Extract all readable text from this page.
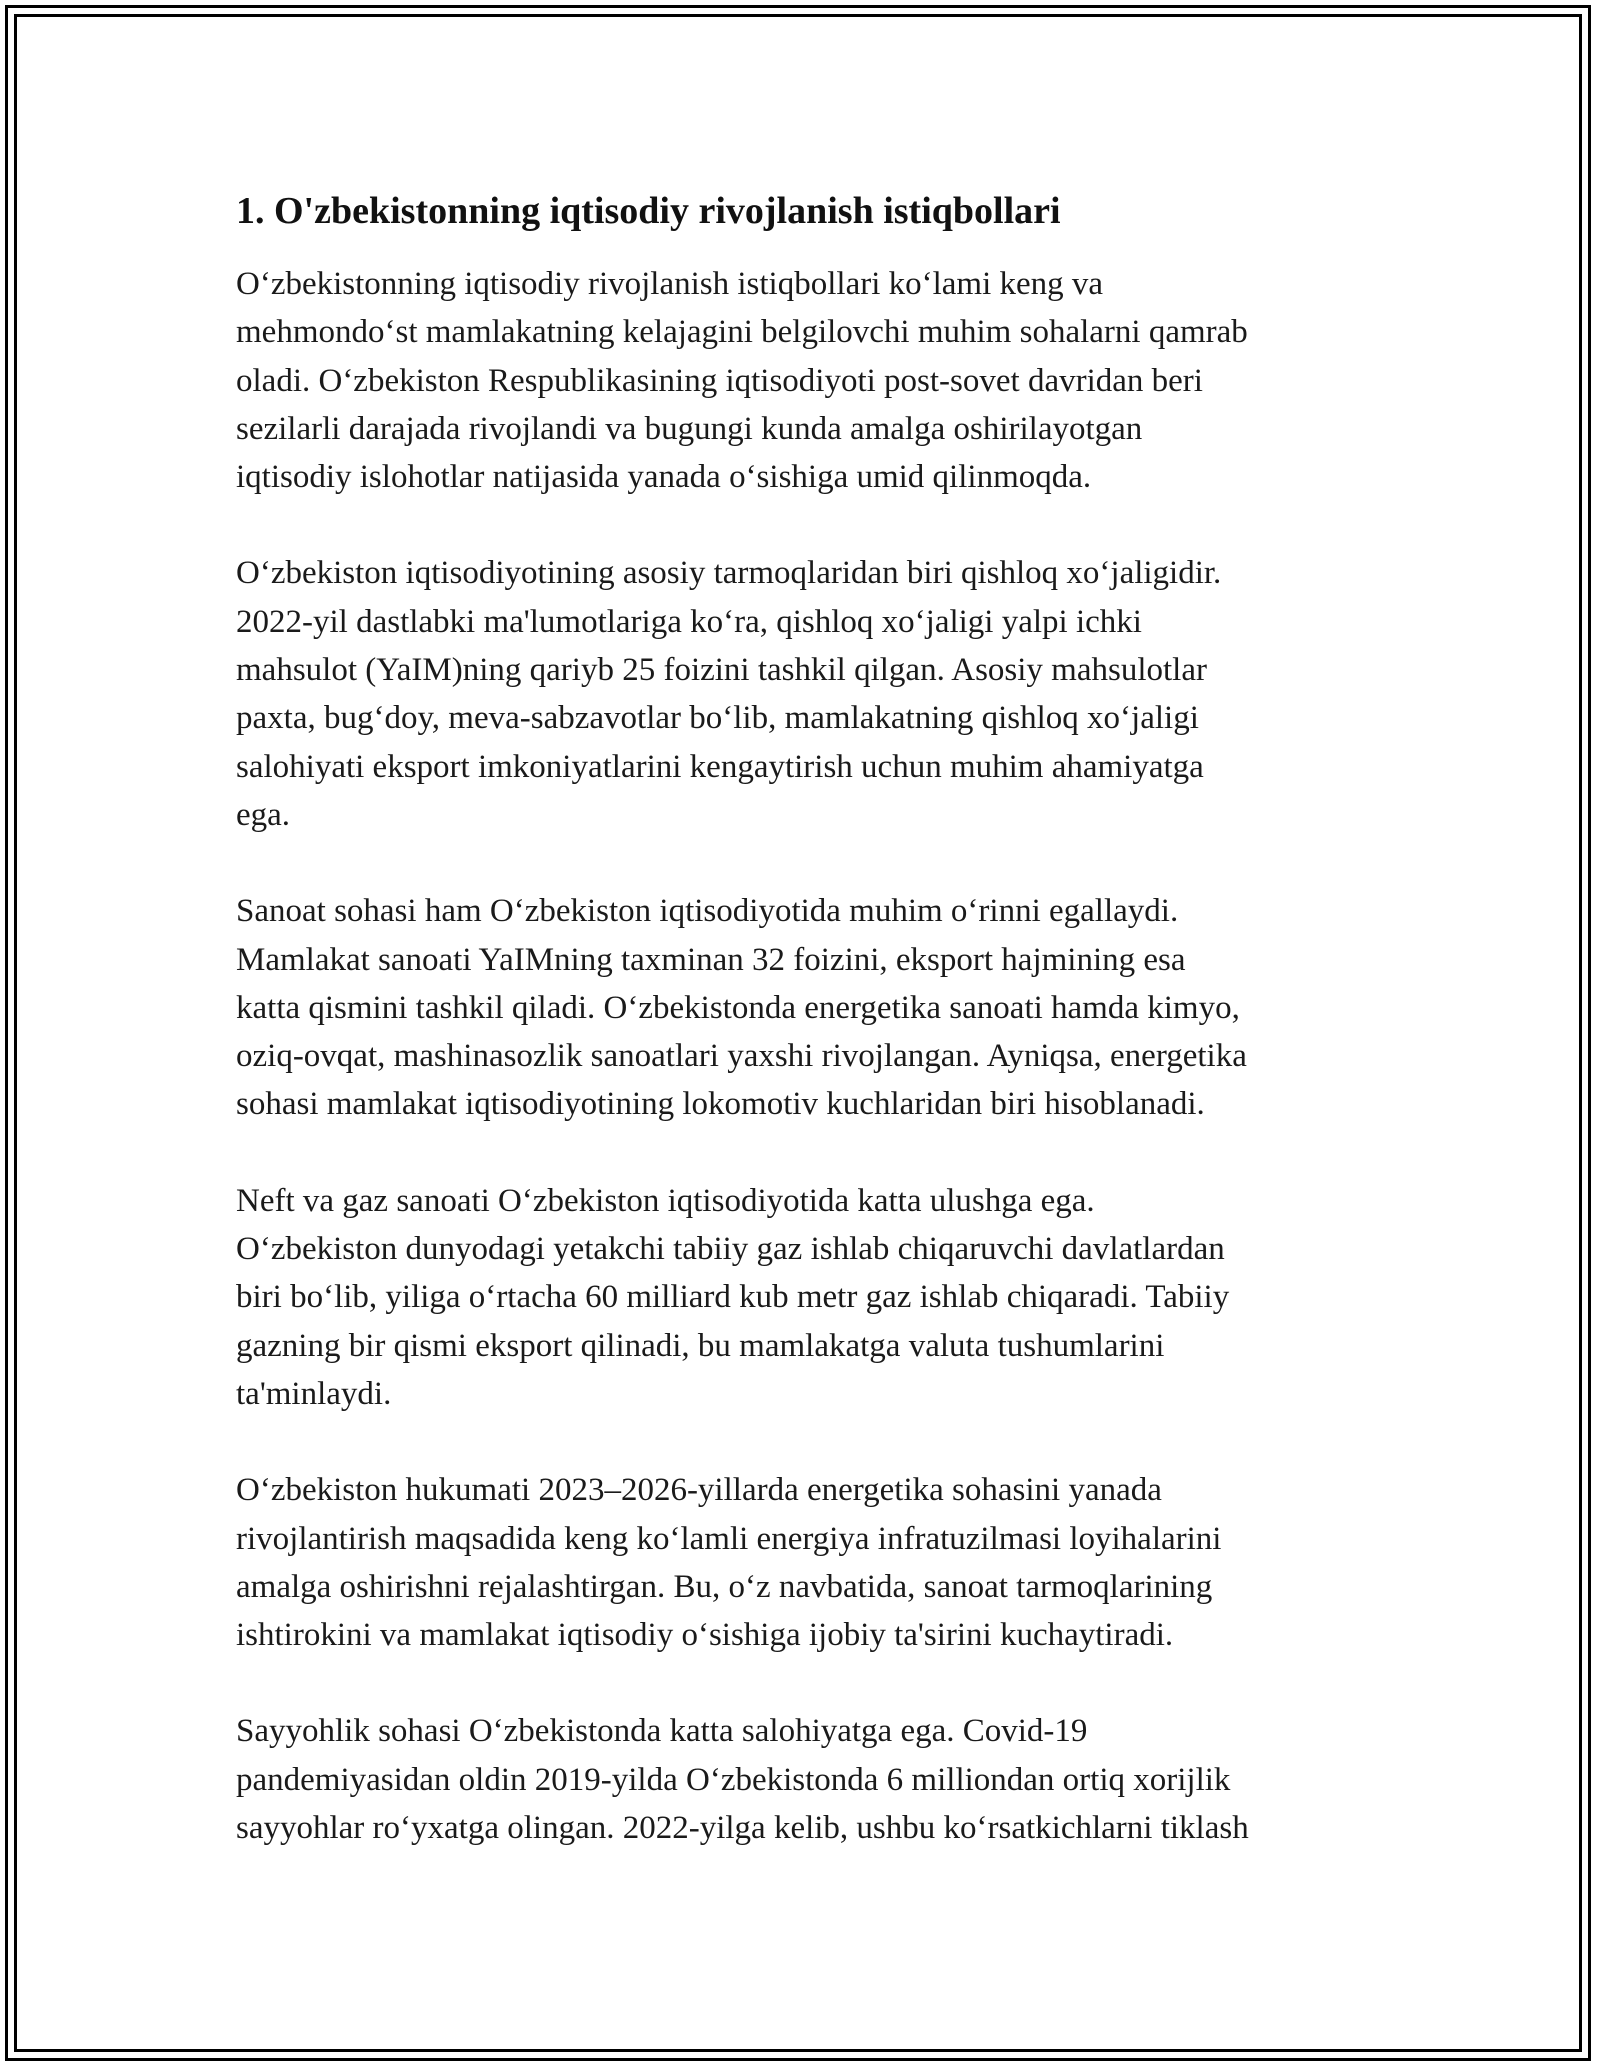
1. O'zbekistonning iqtisodiy rivojlanish istiqbollari
O‘zbekistonning iqtisodiy rivojlanish istiqbollari ko‘lami keng va
mehmondo‘st mamlakatning kelajagini belgilovchi muhim sohalarni qamrab
oladi. O‘zbekiston Respublikasining iqtisodiyoti post-sovet davridan beri
sezilarli darajada rivojlandi va bugungi kunda amalga oshirilayotgan
iqtisodiy islohotlar natijasida yanada o‘sishiga umid qilinmoqda.
O‘zbekiston iqtisodiyotining asosiy tarmoqlaridan biri qishloq xo‘jaligidir.
2022-yil dastlabki ma'lumotlariga ko‘ra, qishloq xo‘jaligi yalpi ichki
mahsulot (YaIM)ning qariyb 25 foizini tashkil qilgan. Asosiy mahsulotlar
paxta, bug‘doy, meva-sabzavotlar bo‘lib, mamlakatning qishloq xo‘jaligi
salohiyati eksport imkoniyatlarini kengaytirish uchun muhim ahamiyatga
ega.
Sanoat sohasi ham O‘zbekiston iqtisodiyotida muhim o‘rinni egallaydi.
Mamlakat sanoati YaIMning taxminan 32 foizini, eksport hajmining esa
katta qismini tashkil qiladi. O‘zbekistonda energetika sanoati hamda kimyo,
oziq-ovqat, mashinasozlik sanoatlari yaxshi rivojlangan. Ayniqsa, energetika
sohasi mamlakat iqtisodiyotining lokomotiv kuchlaridan biri hisoblanadi.
Neft va gaz sanoati O‘zbekiston iqtisodiyotida katta ulushga ega.
O‘zbekiston dunyodagi yetakchi tabiiy gaz ishlab chiqaruvchi davlatlardan
biri bo‘lib, yiliga o‘rtacha 60 milliard kub metr gaz ishlab chiqaradi. Tabiiy
gazning bir qismi eksport qilinadi, bu mamlakatga valuta tushumlarini
ta'minlaydi.
O‘zbekiston hukumati 2023–2026-yillarda energetika sohasini yanada
rivojlantirish maqsadida keng ko‘lamli energiya infratuzilmasi loyihalarini
amalga oshirishni rejalashtirgan. Bu, o‘z navbatida, sanoat tarmoqlarining
ishtirokini va mamlakat iqtisodiy o‘sishiga ijobiy ta'sirini kuchaytiradi.
Sayyohlik sohasi O‘zbekistonda katta salohiyatga ega. Covid-19
pandemiyasidan oldin 2019-yilda O‘zbekistonda 6 milliondan ortiq xorijlik
sayyohlar ro‘yxatga olingan. 2022-yilga kelib, ushbu ko‘rsatkichlarni tiklash
